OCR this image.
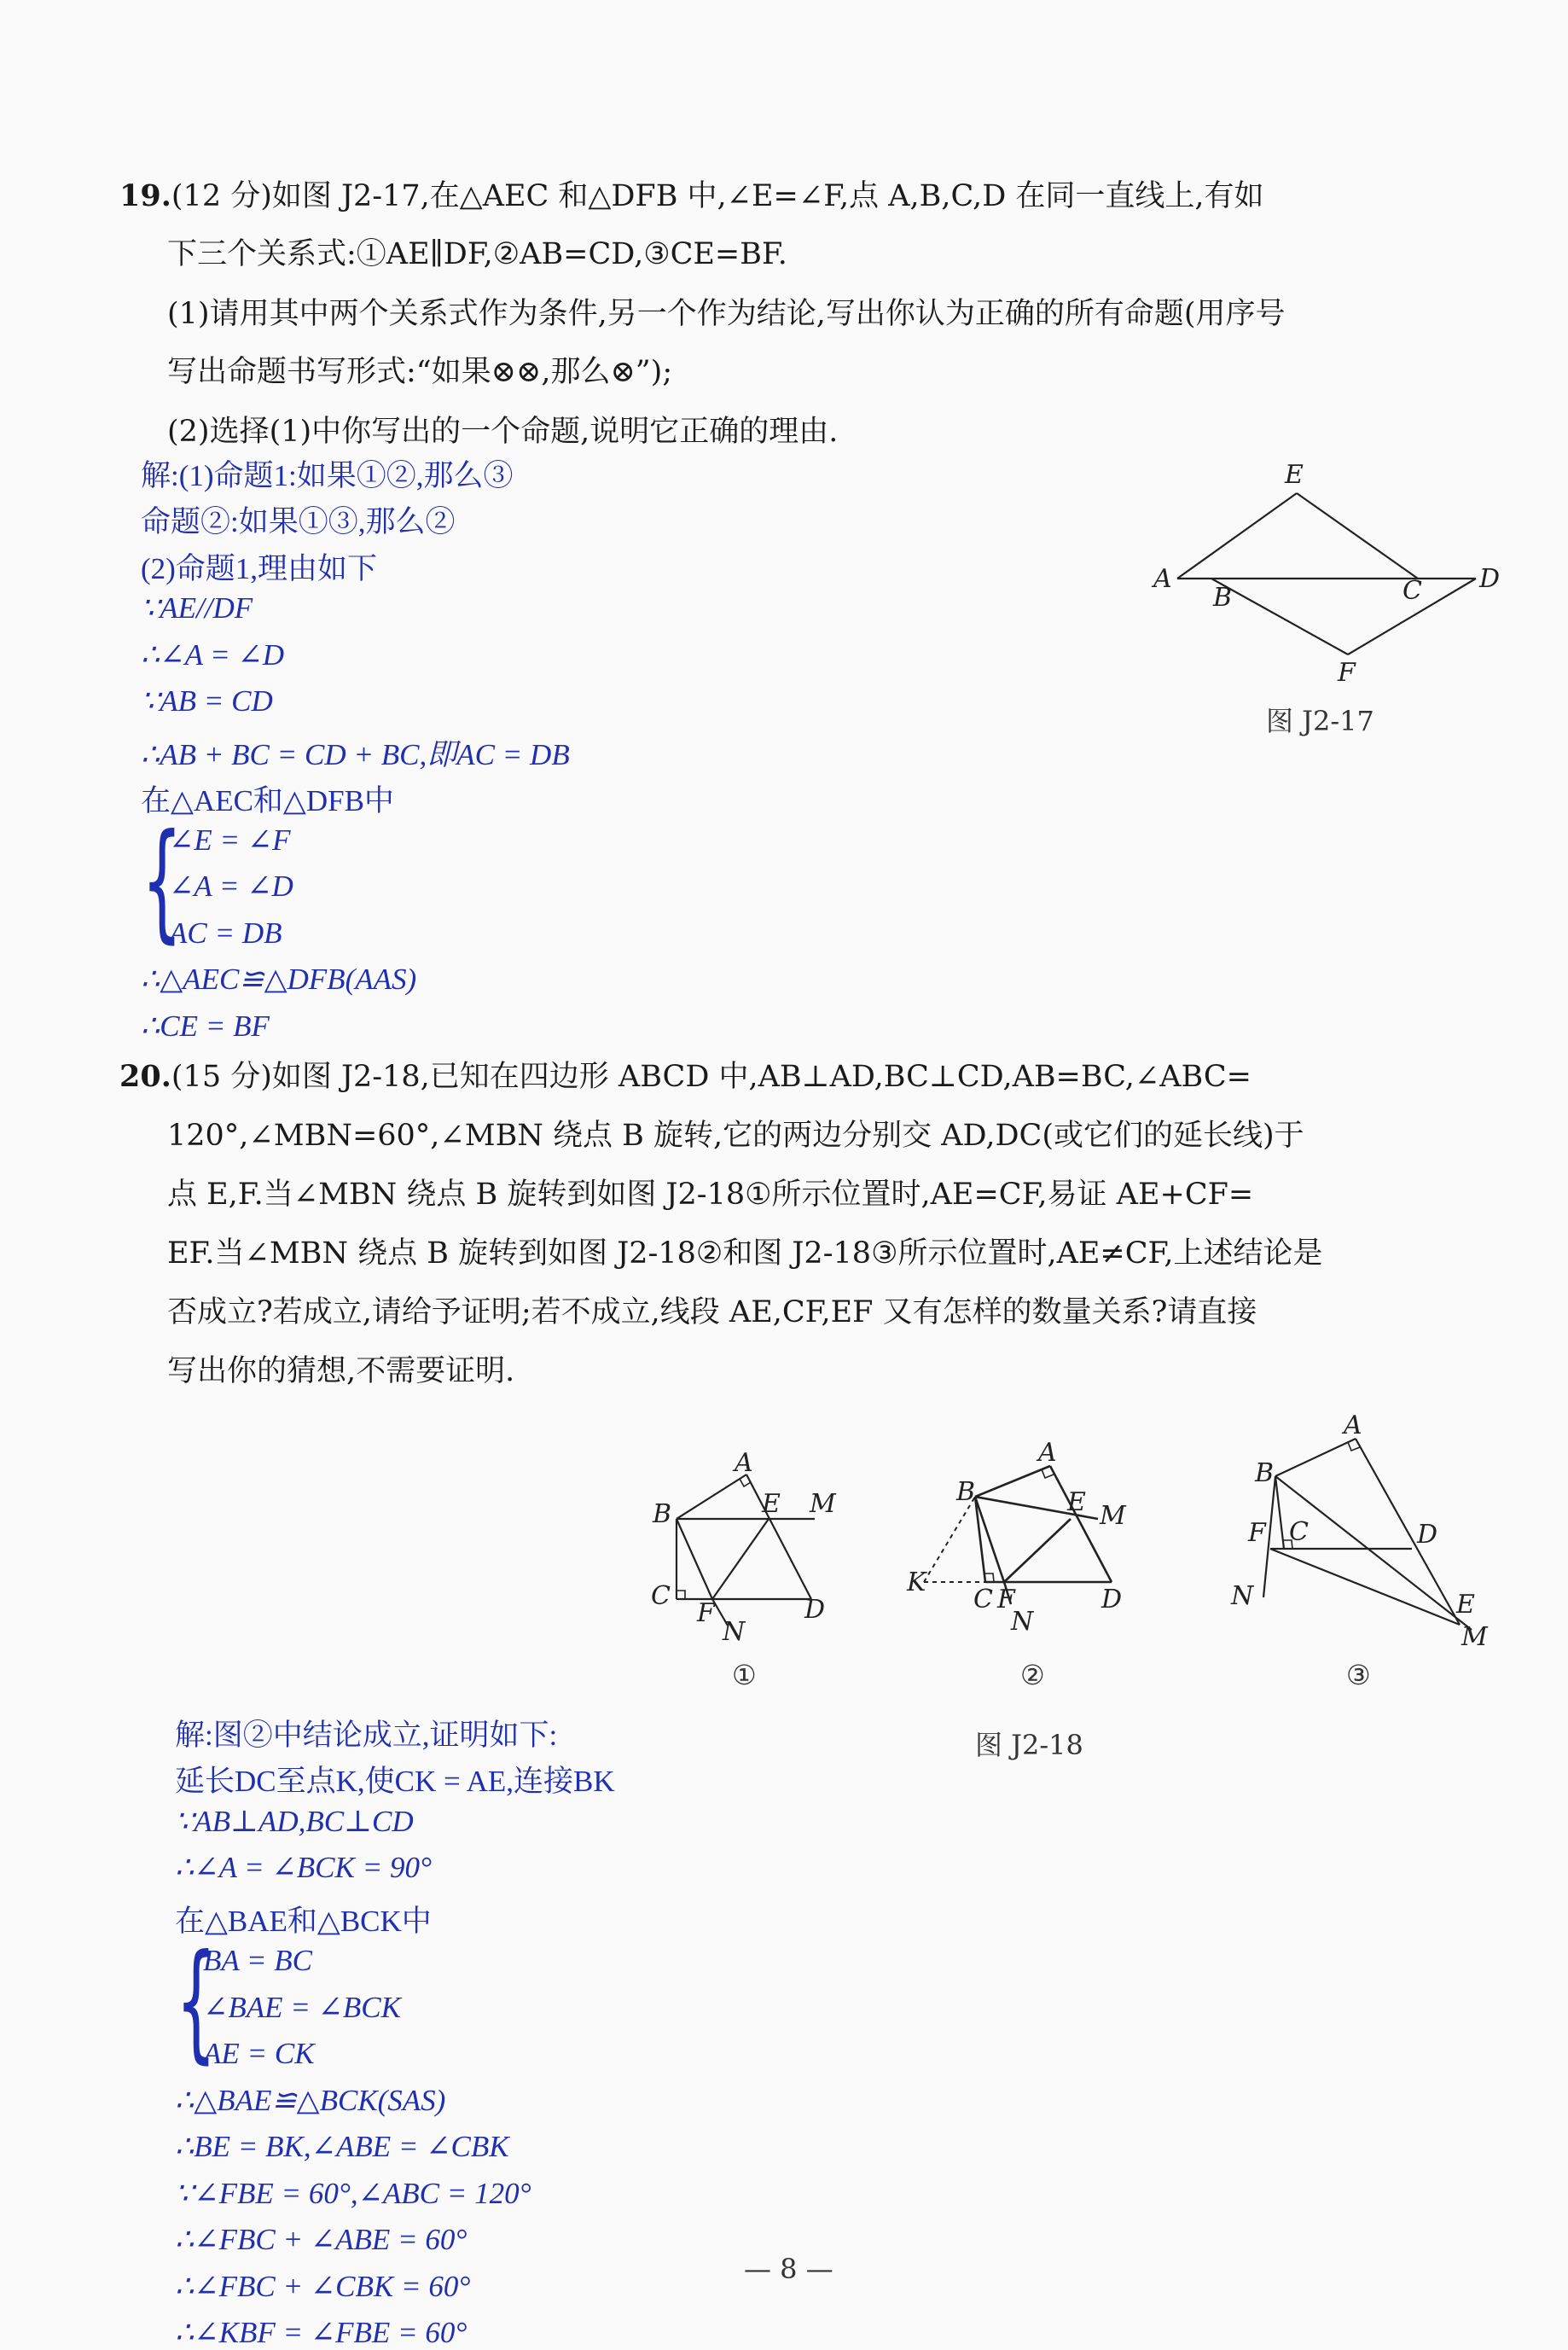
19.(12 分)如图 J2-17,在△AEC 和△DFB 中,∠E=∠F,点 A,B,C,D 在同一直线上,有如
下三个关系式:①AE∥DF,②AB=CD,③CE=BF.
(1)请用其中两个关系式作为条件,另一个作为结论,写出你认为正确的所有命题(用序号
写出命题书写形式:“如果⊗⊗,那么⊗”);
(2)选择(1)中你写出的一个命题,说明它正确的理由.
解:(1)命题1:如果①②,那么③
命题②:如果①③,那么②
(2)命题1,理由如下
∵AE//DF
∴∠A = ∠D
∵AB = CD
∴AB + BC = CD + BC,即AC = DB
在△AEC和△DFB中
{
∠E = ∠F
∠A = ∠D
AC = DB
∴△AEC≌△DFB(AAS)
∴CE = BF
A
B	C D
E
F
图 J2-17
20.(15 分)如图 J2-18,已知在四边形 ABCD 中,AB⊥AD,BC⊥CD,AB=BC,∠ABC=
120°,∠MBN=60°,∠MBN 绕点 B 旋转,它的两边分别交 AD,DC(或它们的延长线)于
点 E,F.当∠MBN 绕点 B 旋转到如图 J2-18①所示位置时,AE=CF,易证 AE+CF=
EF.当∠MBN 绕点 B 旋转到如图 J2-18②和图 J2-18③所示位置时,AE≠CF,上述结论是
否成立?若成立,请给予证明;若不成立,线段 AE,CF,EF 又有怎样的数量关系?请直接
写出你的猜想,不需要证明.
A
B
C	D
E
F
M
N
①
A
B
C	D
E
F
K
M
N
②
A
B
C	D
E
F
M
N
③
图 J2-18
解:图②中结论成立,证明如下:
延长DC至点K,使CK = AE,连接BK
∵AB⊥AD,BC⊥CD
∴∠A = ∠BCK = 90°
在△BAE和△BCK中
{
BA = BC
∠BAE = ∠BCK
AE = CK
∴△BAE≌△BCK(SAS)
∴BE = BK,∠ABE = ∠CBK
∵∠FBE = 60°,∠ABC = 120°
∴∠FBC + ∠ABE = 60°
∴∠FBC + ∠CBK = 60°
∴∠KBF = ∠FBE = 60°
— 8 —
